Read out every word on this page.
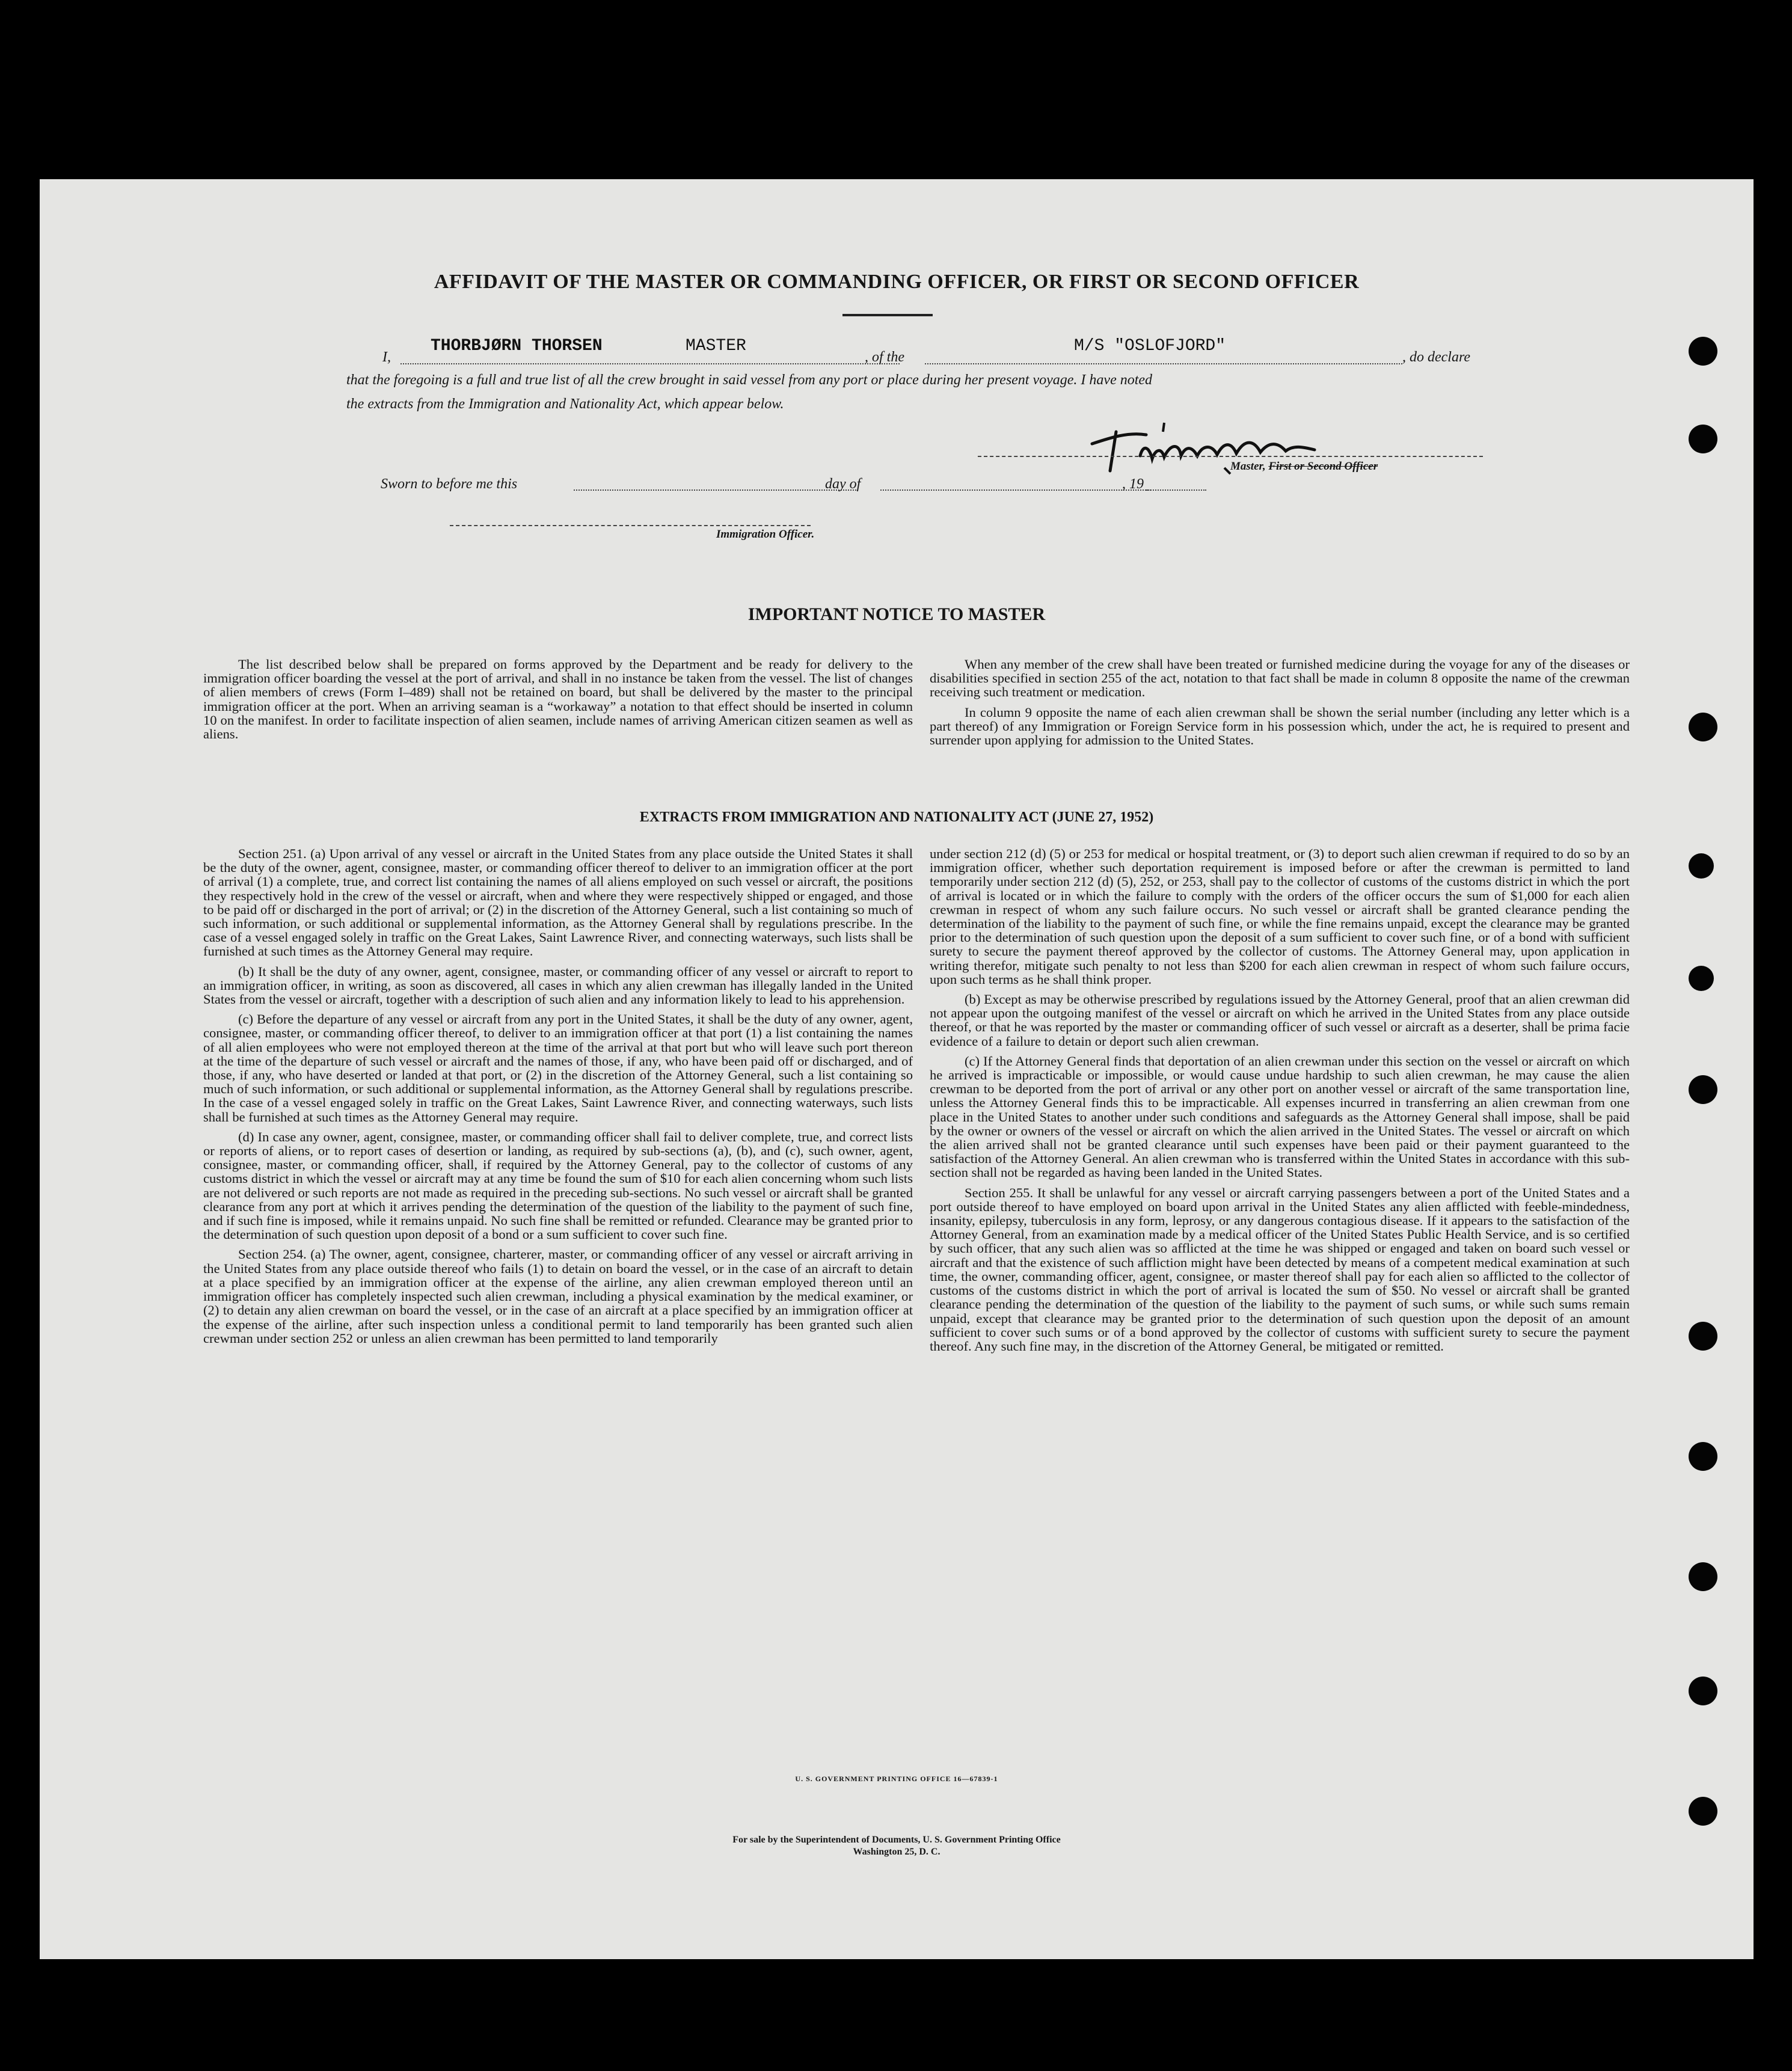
AFFIDAVIT OF THE MASTER OR COMMANDING OFFICER, OR FIRST OR SECOND OFFICER
I,
THORBJØRN THORSEN	MASTER
, of the
M/S "OSLOFJORD"
, do declare
that the foregoing is a full and true list of all the crew brought in said vessel from any port or place during her present voyage. I have noted
the extracts from the Immigration and Nationality Act, which appear below.
Master, First or Second Officer
Sworn to before me this	day of	, 19
Immigration Officer.
IMPORTANT NOTICE TO MASTER

The list described below shall be prepared on forms approved by the Department and be ready for delivery to the immigration officer boarding the vessel at the port of arrival, and shall in no instance be taken from the vessel. The list of changes of alien members of crews (Form I–489) shall not be retained on board, but shall be delivered by the master to the principal immigration officer at the port. When an arriving seaman is a “workaway” a notation to that effect should be inserted in column 10 on the manifest. In order to facilitate inspection of alien seamen, include names of arriving American citizen seamen as well as aliens.

When any member of the crew shall have been treated or furnished medicine during the voyage for any of the diseases or disabilities specified in section 255 of the act, notation to that fact shall be made in column 8 opposite the name of the crewman receiving such treatment or medication.

In column 9 opposite the name of each alien crewman shall be shown the serial number (including any letter which is a part thereof) of any Immigration or Foreign Service form in his possession which, under the act, he is required to present and surrender upon applying for admission to the United States.

EXTRACTS FROM IMMIGRATION AND NATIONALITY ACT (JUNE 27, 1952)

Section 251. (a) Upon arrival of any vessel or aircraft in the United States from any place outside the United States it shall be the duty of the owner, agent, consignee, master, or commanding officer thereof to deliver to an immigration officer at the port of arrival (1) a complete, true, and correct list containing the names of all aliens employed on such vessel or aircraft, the positions they respectively hold in the crew of the vessel or aircraft, when and where they were respectively shipped or engaged, and those to be paid off or discharged in the port of arrival; or (2) in the discretion of the Attorney General, such a list containing so much of such information, or such additional or supplemental information, as the Attorney General shall by regulations prescribe. In the case of a vessel engaged solely in traffic on the Great Lakes, Saint Lawrence River, and connecting waterways, such lists shall be furnished at such times as the Attorney General may require.

(b) It shall be the duty of any owner, agent, consignee, master, or commanding officer of any vessel or aircraft to report to an immigration officer, in writing, as soon as discovered, all cases in which any alien crewman has illegally landed in the United States from the vessel or aircraft, together with a description of such alien and any information likely to lead to his apprehension.

(c) Before the departure of any vessel or aircraft from any port in the United States, it shall be the duty of any owner, agent, consignee, master, or commanding officer thereof, to deliver to an immigration officer at that port (1) a list containing the names of all alien employees who were not employed thereon at the time of the arrival at that port but who will leave such port thereon at the time of the departure of such vessel or aircraft and the names of those, if any, who have been paid off or discharged, and of those, if any, who have deserted or landed at that port, or (2) in the discretion of the Attorney General, such a list containing so much of such information, or such additional or supplemental information, as the Attorney General shall by regulations prescribe. In the case of a vessel engaged solely in traffic on the Great Lakes, Saint Lawrence River, and connecting waterways, such lists shall be furnished at such times as the Attorney General may require.

(d) In case any owner, agent, consignee, master, or commanding officer shall fail to deliver complete, true, and correct lists or reports of aliens, or to report cases of desertion or landing, as required by sub-sections (a), (b), and (c), such owner, agent, consignee, master, or commanding officer, shall, if required by the Attorney General, pay to the collector of customs of any customs district in which the vessel or aircraft may at any time be found the sum of $10 for each alien concerning whom such lists are not delivered or such reports are not made as required in the preceding sub-sections. No such vessel or aircraft shall be granted clearance from any port at which it arrives pending the determination of the question of the liability to the payment of such fine, and if such fine is imposed, while it remains unpaid. No such fine shall be remitted or refunded. Clearance may be granted prior to the determination of such question upon deposit of a bond or a sum sufficient to cover such fine.

Section 254. (a) The owner, agent, consignee, charterer, master, or commanding officer of any vessel or aircraft arriving in the United States from any place outside thereof who fails (1) to detain on board the vessel, or in the case of an aircraft to detain at a place specified by an immigration officer at the expense of the airline, any alien crewman employed thereon until an immigration officer has completely inspected such alien crewman, including a physical examination by the medical examiner, or (2) to detain any alien crewman on board the vessel, or in the case of an aircraft at a place specified by an immigration officer at the expense of the airline, after such inspection unless a conditional permit to land temporarily has been granted such alien crewman under section 252 or unless an alien crewman has been permitted to land temporarily

under section 212 (d) (5) or 253 for medical or hospital treatment, or (3) to deport such alien crewman if required to do so by an immigration officer, whether such deportation requirement is imposed before or after the crewman is permitted to land temporarily under section 212 (d) (5), 252, or 253, shall pay to the collector of customs of the customs district in which the port of arrival is located or in which the failure to comply with the orders of the officer occurs the sum of $1,000 for each alien crewman in respect of whom any such failure occurs. No such vessel or aircraft shall be granted clearance pending the determination of the liability to the payment of such fine, or while the fine remains unpaid, except the clearance may be granted prior to the determination of such question upon the deposit of a sum sufficient to cover such fine, or of a bond with sufficient surety to secure the payment thereof approved by the collector of customs. The Attorney General may, upon application in writing therefor, mitigate such penalty to not less than $200 for each alien crewman in respect of whom such failure occurs, upon such terms as he shall think proper.

(b) Except as may be otherwise prescribed by regulations issued by the Attorney General, proof that an alien crewman did not appear upon the outgoing manifest of the vessel or aircraft on which he arrived in the United States from any place outside thereof, or that he was reported by the master or commanding officer of such vessel or aircraft as a deserter, shall be prima facie evidence of a failure to detain or deport such alien crewman.

(c) If the Attorney General finds that deportation of an alien crewman under this section on the vessel or aircraft on which he arrived is impracticable or impossible, or would cause undue hardship to such alien crewman, he may cause the alien crewman to be deported from the port of arrival or any other port on another vessel or aircraft of the same transportation line, unless the Attorney General finds this to be impracticable. All expenses incurred in transferring an alien crewman from one place in the United States to another under such conditions and safeguards as the Attorney General shall impose, shall be paid by the owner or owners of the vessel or aircraft on which the alien arrived in the United States. The vessel or aircraft on which the alien arrived shall not be granted clearance until such expenses have been paid or their payment guaranteed to the satisfaction of the Attorney General. An alien crewman who is transferred within the United States in accordance with this sub-section shall not be regarded as having been landed in the United States.

Section 255. It shall be unlawful for any vessel or aircraft carrying passengers between a port of the United States and a port outside thereof to have employed on board upon arrival in the United States any alien afflicted with feeble-mindedness, insanity, epilepsy, tuberculosis in any form, leprosy, or any dangerous contagious disease. If it appears to the satisfaction of the Attorney General, from an examination made by a medical officer of the United States Public Health Service, and is so certified by such officer, that any such alien was so afflicted at the time he was shipped or engaged and taken on board such vessel or aircraft and that the existence of such affliction might have been detected by means of a competent medical examination at such time, the owner, commanding officer, agent, consignee, or master thereof shall pay for each alien so afflicted to the collector of customs of the customs district in which the port of arrival is located the sum of $50. No vessel or aircraft shall be granted clearance pending the determination of the question of the liability to the payment of such sums, or while such sums remain unpaid, except that clearance may be granted prior to the determination of such question upon the deposit of an amount sufficient to cover such sums or of a bond approved by the collector of customs with sufficient surety to secure the payment thereof. Any such fine may, in the discretion of the Attorney General, be mitigated or remitted.

U. S. GOVERNMENT PRINTING OFFICE 16—67839-1
For sale by the Superintendent of Documents, U. S. Government Printing Office
Washington 25, D. C.
